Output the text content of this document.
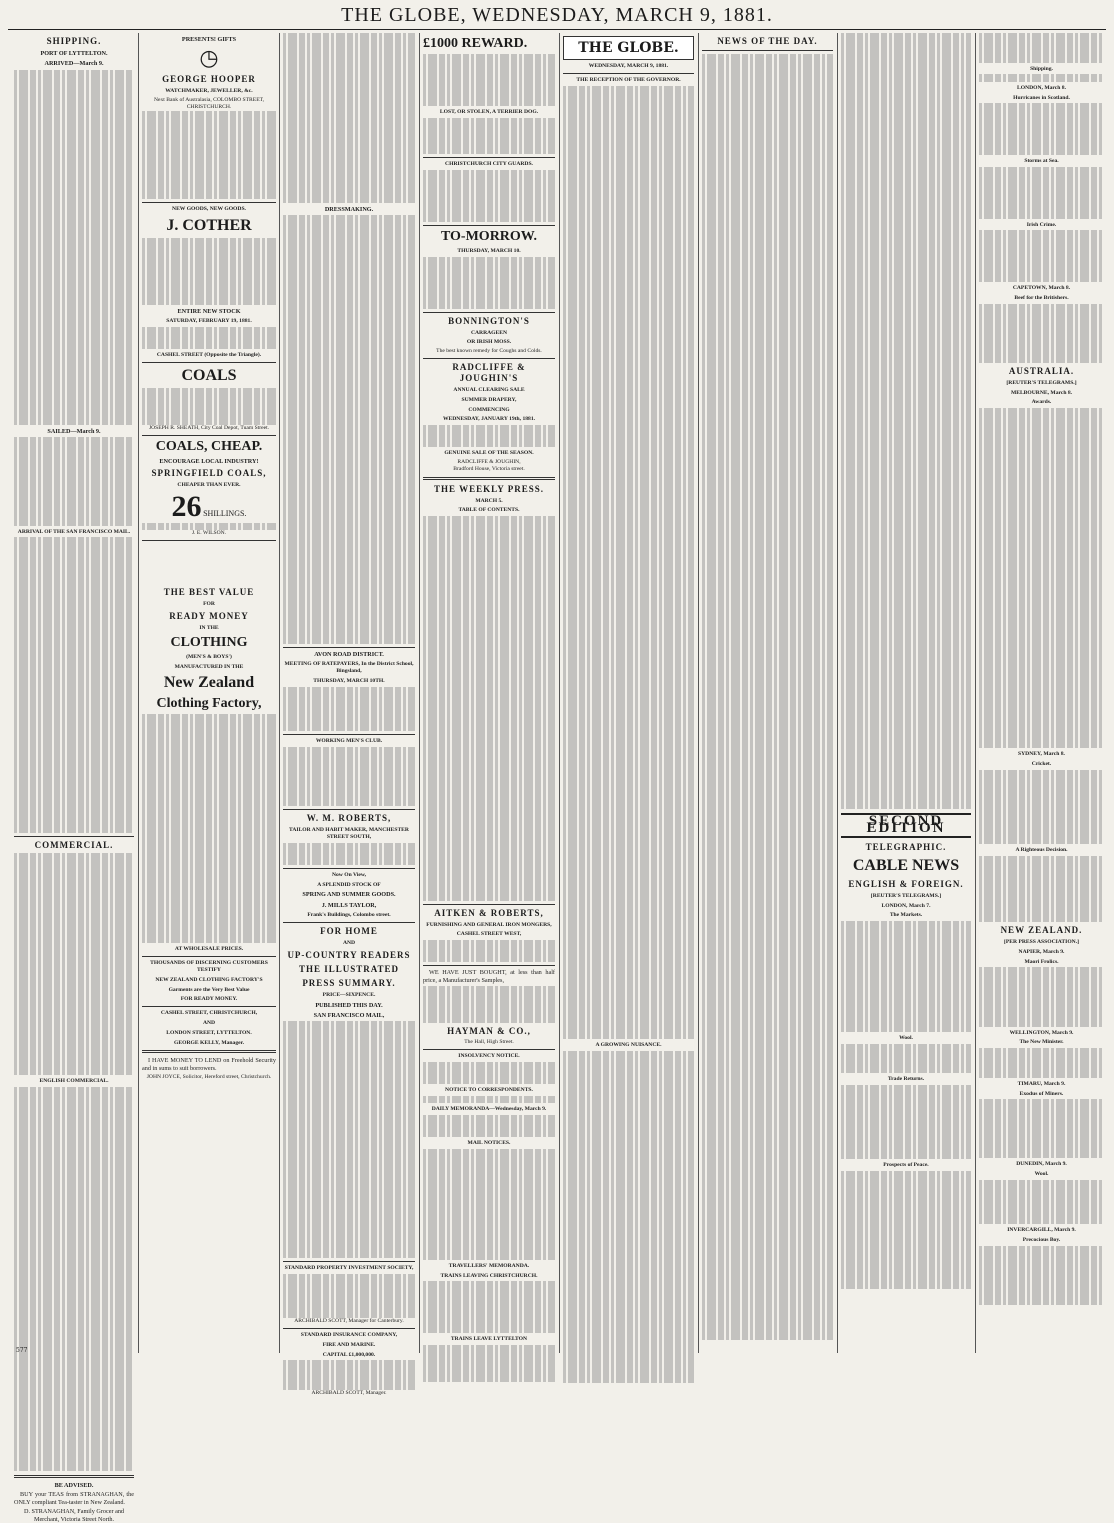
THE GLOBE, WEDNESDAY, MARCH 9, 1881.
SHIPPING.
PORT OF LYTTELTON.
ARRIVED—March 9.
SAILED—March 9.
ARRIVAL OF THE SAN FRANCISCO MAIL.
COMMERCIAL.
ENGLISH COMMERCIAL.
BE ADVISED.

BUY your TEAS from STRANAGHAN, the ONLY compliant Tea-taster in New Zealand.

D. STRANAGHAN, Family Grocer and Merchant, Victoria Street North.
577
PRESENTS! GIFTS
◷
GEORGE HOOPER
WATCHMAKER, JEWELLER, &c.
Next Bank of Australasia, COLOMBO STREET, CHRISTCHURCH.
NEW GOODS, NEW GOODS.
J. COTHER
ENTIRE NEW STOCK
SATURDAY, FEBRUARY 19, 1881.
CASHEL STREET (Opposite the Triangle).
COALS
JOSEPH R. SHEATH, City Coal Depot, Tuam Street.
COALS, CHEAP.
ENCOURAGE LOCAL INDUSTRY!
SPRINGFIELD COALS,
CHEAPER THAN EVER.
26 SHILLINGS.
J. E. WILSON.
THE BEST VALUE
FOR
READY MONEY
IN THE
CLOTHING
(MEN'S & BOYS')
MANUFACTURED IN THE
New Zealand
Clothing Factory,
AT WHOLESALE PRICES.
THOUSANDS OF DISCERNING CUSTOMERS TESTIFY
NEW ZEALAND CLOTHING FACTORY'S
Garments are the Very Best Value
FOR READY MONEY.
CASHEL STREET, CHRISTCHURCH,
AND
LONDON STREET, LYTTELTON.
GEORGE KELLY, Manager.

I HAVE MONEY TO LEND on Freehold Security and in sums to suit borrowers.

JOHN JOYCE, Solicitor, Hereford street, Christchurch.
DRESSMAKING.
AVON ROAD DISTRICT.
MEETING OF RATEPAYERS, In the District School, Bingsland,
THURSDAY, MARCH 10TH.
WORKING MEN'S CLUB.
W. M. ROBERTS,
TAILOR AND HABIT MAKER, MANCHESTER STREET SOUTH,
Now On View,
A SPLENDID STOCK OF
SPRING AND SUMMER GOODS.
J. MILLS TAYLOR,
Frank's Buildings, Colombo street.
FOR HOME
AND
UP-COUNTRY READERS
THE ILLUSTRATED
PRESS SUMMARY.
PRICE—SIXPENCE.
PUBLISHED THIS DAY.
SAN FRANCISCO MAIL,
STANDARD PROPERTY INVESTMENT SOCIETY,
ARCHIBALD SCOTT, Manager for Canterbury.
STANDARD INSURANCE COMPANY,
FIRE AND MARINE.
CAPITAL £1,000,000.
ARCHIBALD SCOTT, Manager.
£1000 REWARD.
LOST, OR STOLEN, A TERRIER DOG.
CHRISTCHURCH CITY GUARDS.
TO-MORROW.
THURSDAY, MARCH 10.
BONNINGTON'S
CARRAGEEN
OR IRISH MOSS.
The best known remedy for Coughs and Colds.
RADCLIFFE & JOUGHIN'S
ANNUAL CLEARING SALE
SUMMER DRAPERY,
COMMENCING
WEDNESDAY, JANUARY 19th, 1881.
GENUINE SALE OF THE SEASON.
RADCLIFFE & JOUGHIN,
Bradford House, Victoria street.
THE WEEKLY PRESS.
MARCH 5.
TABLE OF CONTENTS.
AITKEN & ROBERTS,
FURNISHING AND GENERAL IRON MONGERS,
CASHEL STREET WEST,

WE HAVE JUST BOUGHT, at less than half price, a Manufacturer's Samples,

HAYMAN & CO.,
The Hall, High Street.
INSOLVENCY NOTICE.
NOTICE TO CORRESPONDENTS.
DAILY MEMORANDA—Wednesday, March 9.
MAIL NOTICES.
TRAVELLERS' MEMORANDA.
TRAINS LEAVING CHRISTCHURCH.
TRAINS LEAVE LYTTELTON
THE GLOBE.
WEDNESDAY, MARCH 9, 1881.
THE RECEPTION OF THE GOVERNOR.
A GROWING NUISANCE.
NEWS OF THE DAY.
SECOND EDITION
TELEGRAPHIC.
CABLE NEWS
ENGLISH & FOREIGN.
[REUTER'S TELEGRAMS.]
LONDON, March 7.
The Markets.
Wool.
Trade Returns.
Prospects of Peace.
Shipping.
LONDON, March 8.
Hurricanes in Scotland.
Storms at Sea.
Irish Crime.
CAPETOWN, March 8.
Beef for the Britishers.
AUSTRALIA.
[REUTER'S TELEGRAMS.]
MELBOURNE, March 8.
Awards.
SYDNEY, March 8.
Cricket.
A Righteous Decision.
NEW ZEALAND.
[PER PRESS ASSOCIATION.]
NAPIER, March 9.
Maori Frolics.
WELLINGTON, March 9.
The New Minister.
TIMARU, March 9.
Exodus of Miners.
DUNEDIN, March 9.
Wool.
INVERCARGILL, March 9.
Precocious Boy.
